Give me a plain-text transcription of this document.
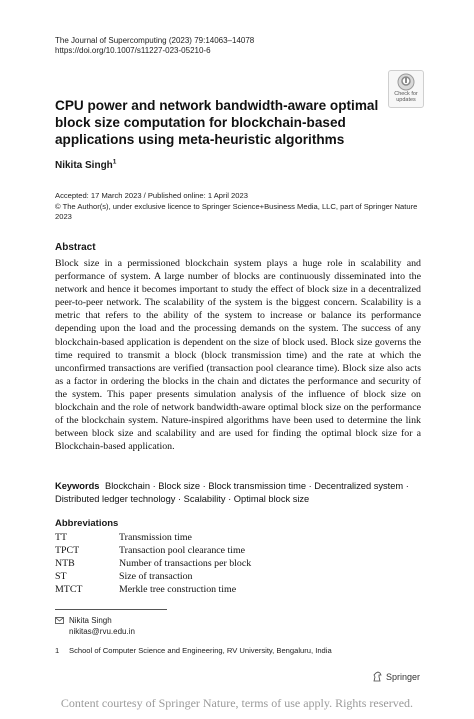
The Journal of Supercomputing (2023) 79:14063–14078
https://doi.org/10.1007/s11227-023-05210-6
Check for
updates
CPU power and network bandwidth-aware optimal block size computation for blockchain-based applications using meta-heuristic algorithms
Nikita Singh$^1$
Accepted: 17 March 2023 / Published online: 1 April 2023
© The Author(s), under exclusive licence to Springer Science+Business Media, LLC, part of Springer Nature 2023
Abstract

Block size in a permissioned blockchain system plays a huge role in scalability and performance of system. A large number of blocks are continuously disseminated into the network and hence it becomes important to study the effect of block size in a decentralized peer-to-peer network. The scalability of the system is the biggest concern. Scalability is a metric that refers to the ability of the system to increase or balance its performance depending upon the load and the processing demands on the system. The success of any blockchain-based application is dependent on the size of block used. Block size governs the time required to transmit a block (block transmission time) and the rate at which the unconfirmed transactions are verified (transaction pool clearance time). Block size also acts as a factor in ordering the blocks in the chain and dictates the performance and security of the system. This paper presents simulation analysis of the influence of block size on blockchain and the role of network bandwidth-aware optimal block size on the performance of the blockchain system. Nature-inspired algorithms have been used to determine the link between block size and scalability and are used for finding the optimal block size for a Blockchain-based application.

Keywords Blockchain · Block size · Block transmission time · Decentralized system · Distributed ledger technology · Scalability · Optimal block size
Abbreviations
TT	Transmission time
TPCT	Transaction pool clearance time
NTB	Number of transactions per block
ST	Size of transaction
MTCT	Merkle tree construction time
Nikita Singh
nikitas@rvu.edu.in
1	School of Computer Science and Engineering, RV University, Bengaluru, India
Springer
Content courtesy of Springer Nature, terms of use apply. Rights reserved.
